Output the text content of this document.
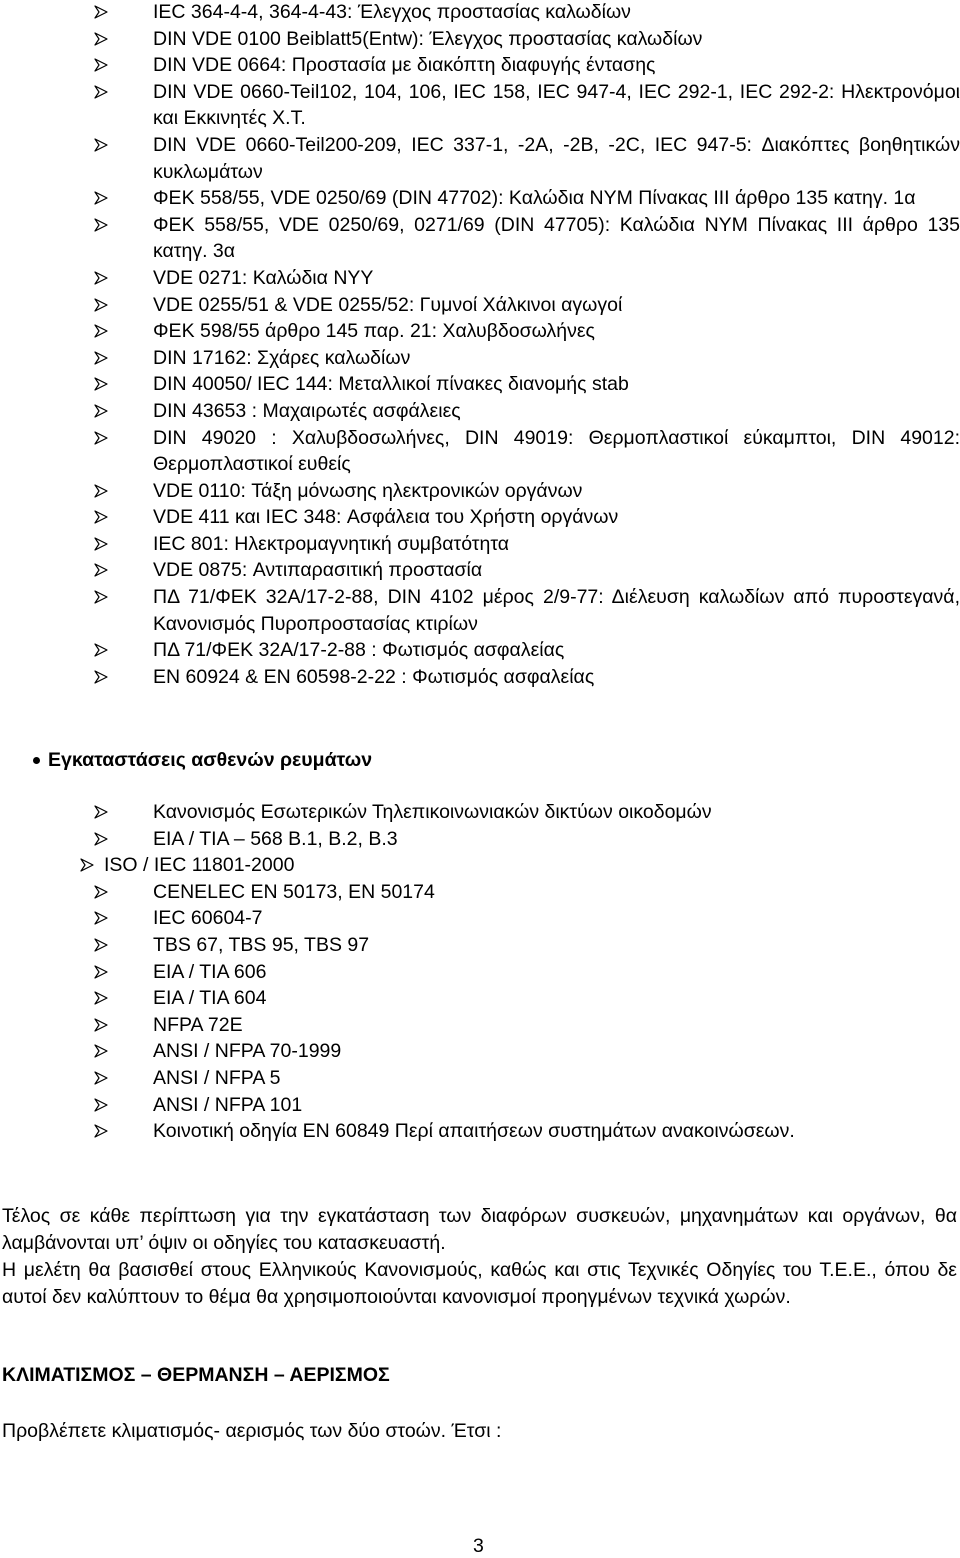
IEC 364-4-4, 364-4-43: Έλεγχος προστασίας καλωδίων
DIN VDE 0100 Beiblatt5(Entw): Έλεγχος προστασίας καλωδίων
DIN VDE 0664: Προστασία με διακόπτη διαφυγής έντασης
DIN VDE 0660-Teil102, 104, 106, IEC 158, IEC 947-4, IEC 292-1, IEC 292-2: Ηλεκτρονόμοι και Εκκινητές Χ.Τ.
DIN VDE 0660-Teil200-209, IEC 337-1, -2A, -2B, -2C, IEC 947-5: Διακόπτες βοηθητικών κυκλωμάτων
ΦΕΚ 558/55, VDE 0250/69 (DIN 47702): Καλώδια NYM Πίνακας ΙΙΙ άρθρο 135 κατηγ. 1α
ΦΕΚ 558/55, VDE 0250/69, 0271/69 (DIN 47705): Καλώδια NYM Πίνακας ΙΙΙ άρθρο 135 κατηγ. 3α
VDE 0271: Καλώδια NYY
VDE 0255/51 & VDE 0255/52: Γυμνοί Χάλκινοι αγωγοί
ΦΕΚ 598/55 άρθρο 145 παρ. 21: Χαλυβδοσωλήνες
DIN 17162: Σχάρες καλωδίων
DIN 40050/ IEC 144: Μεταλλικοί πίνακες διανομής stab
DIN 43653 : Μαχαιρωτές ασφάλειες
DIN 49020 : Χαλυβδοσωλήνες, DIN 49019: Θερμοπλαστικοί εύκαμπτοι, DIN 49012: Θερμοπλαστικοί ευθείς
VDE 0110: Τάξη μόνωσης ηλεκτρονικών οργάνων
VDE 411 και IEC 348: Ασφάλεια του Χρήστη οργάνων
IEC 801: Ηλεκτρομαγνητική συμβατότητα
VDE 0875: Αντιπαρασιτική προστασία
ΠΔ 71/ΦΕΚ 32Α/17-2-88, DIN 4102 μέρος 2/9-77: Διέλευση καλωδίων από πυροστεγανά, Κανονισμός Πυροπροστασίας κτιρίων
ΠΔ 71/ΦΕΚ 32Α/17-2-88 : Φωτισμός ασφαλείας
EN 60924 & EN 60598-2-22 : Φωτισμός ασφαλείας
Εγκαταστάσεις ασθενών ρευμάτων
Κανονισμός Εσωτερικών Τηλεπικοινωνιακών δικτύων οικοδομών
EIA / TIA – 568 B.1, B.2, B.3
ISO / IEC 11801-2000
CENELEC EN 50173, EN 50174
IEC 60604-7
TBS 67, TBS 95, TBS 97
EIA / TIA 606
EIA / TIA 604
NFPA 72E
ANSI / NFPA 70-1999
ANSI / NFPA 5
ANSI / NFPA 101
Κοινοτική οδηγία EN 60849 Περί απαιτήσεων συστημάτων ανακοινώσεων.
Τέλος σε κάθε περίπτωση για την εγκατάσταση των διαφόρων συσκευών, μηχανημάτων και οργάνων, θα λαμβάνονται υπ’ όψιν οι οδηγίες του κατασκευαστή.
Η μελέτη θα βασισθεί στους Ελληνικούς Κανονισμούς, καθώς και στις Τεχνικές Οδηγίες του Τ.Ε.Ε., όπου δε αυτοί δεν καλύπτουν το θέμα θα χρησιμοποιούνται κανονισμοί προηγμένων τεχνικά χωρών.
ΚΛΙΜΑΤΙΣΜΟΣ – ΘΕΡΜΑΝΣΗ – ΑΕΡΙΣΜΟΣ
Προβλέπετε κλιματισμός- αερισμός των δύο στοών. Έτσι :
3
